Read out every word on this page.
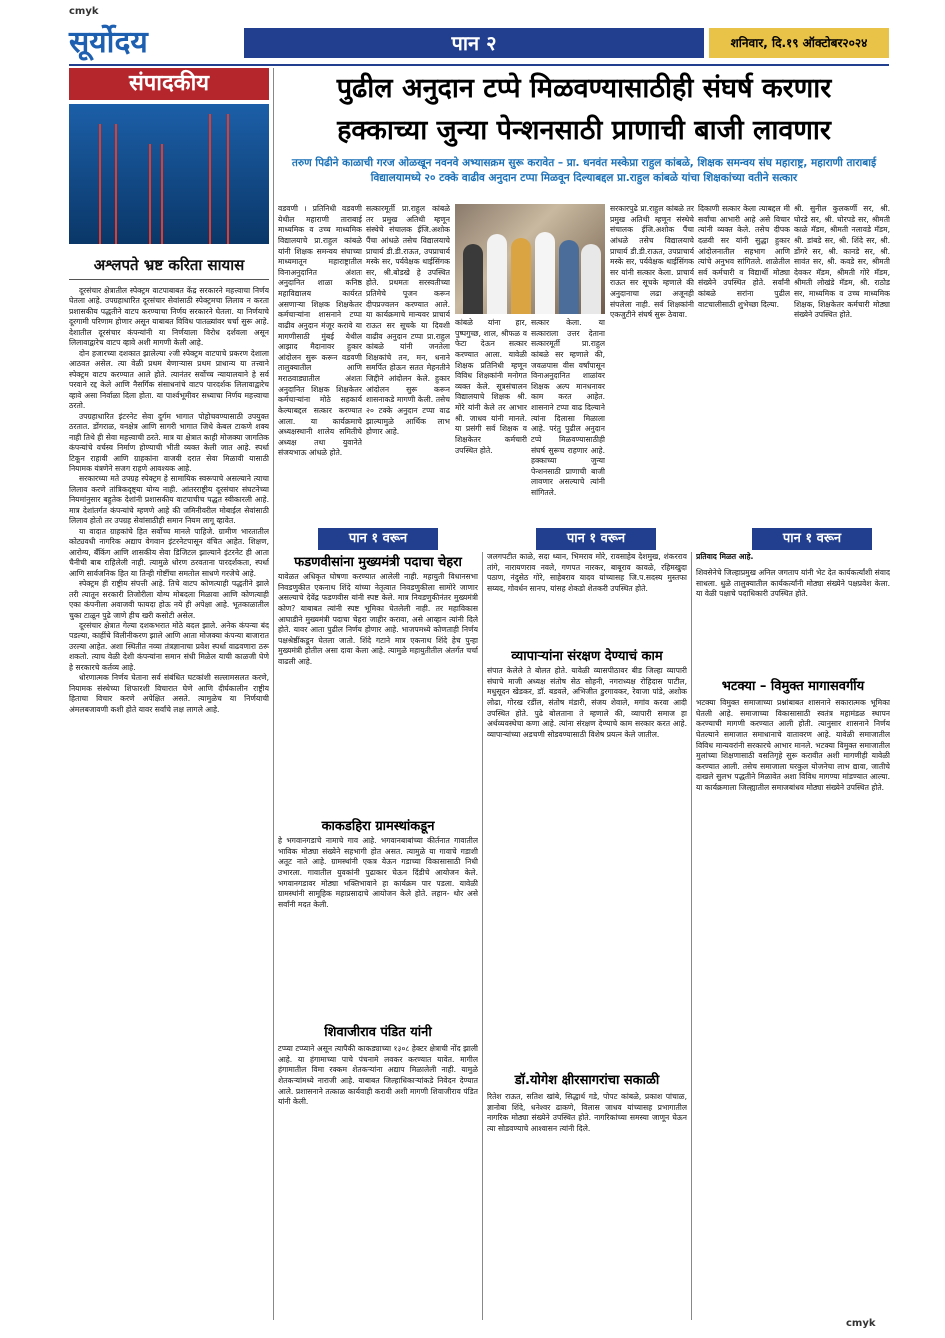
cmyk
cmyk
सूर्योदय	पान २	शनिवार, दि.१९ ऑक्टोबर२०२४
संपादकीय
अश्लपते भ्रष्ट करिता सायास

दूरसंचार क्षेत्रातील स्पेक्ट्रम वाटपाबाबत केंद्र सरकारने महत्त्वाचा निर्णय घेतला आहे. उपग्रहाधारित दूरसंचार सेवांसाठी स्पेक्ट्रमचा लिलाव न करता प्रशासकीय पद्धतीने वाटप करण्याचा निर्णय सरकारने घेतला. या निर्णयाचे दूरगामी परिणाम होणार असून याबाबत विविध पातळ्यांवर चर्चा सुरू आहे. देशातील दूरसंचार कंपन्यांनी या निर्णयाला विरोध दर्शवला असून लिलावाद्वारेच वाटप व्हावे अशी मागणी केली आहे.

दोन हजारच्या दशकात झालेल्या २जी स्पेक्ट्रम वाटपाचे प्रकरण देशाला आठवत असेल. त्या वेळी प्रथम येणाऱ्यास प्रथम प्राधान्य या तत्त्वाने स्पेक्ट्रम वाटप करण्यात आले होते. त्यानंतर सर्वोच्च न्यायालयाने हे सर्व परवाने रद्द केले आणि नैसर्गिक संसाधनांचे वाटप पारदर्शक लिलावाद्वारेच व्हावे असा निर्वाळा दिला होता. या पार्श्वभूमीवर सध्याचा निर्णय महत्त्वाचा ठरतो.

उपग्रहाधारित इंटरनेट सेवा दुर्गम भागात पोहोचवण्यासाठी उपयुक्त ठरतात. डोंगराळ, वनक्षेत्र आणि सागरी भागात जिथे केबल टाकणे शक्य नाही तिथे ही सेवा महत्त्वाची ठरते. मात्र या क्षेत्रात काही मोजक्या जागतिक कंपन्यांचे वर्चस्व निर्माण होण्याची भीती व्यक्त केली जात आहे. स्पर्धा टिकून राहावी आणि ग्राहकांना वाजवी दरात सेवा मिळावी यासाठी नियामक यंत्रणेने सजग राहणे आवश्यक आहे.

सरकारच्या मते उपग्रह स्पेक्ट्रम हे सामायिक स्वरूपाचे असल्याने त्याचा लिलाव करणे तांत्रिकदृष्ट्या योग्य नाही. आंतरराष्ट्रीय दूरसंचार संघटनेच्या नियमांनुसार बहुतेक देशांनी प्रशासकीय वाटपाचीच पद्धत स्वीकारली आहे. मात्र देशांतर्गत कंपन्यांचे म्हणणे आहे की जमिनीवरील मोबाईल सेवांसाठी लिलाव होतो तर उपग्रह सेवांसाठीही समान नियम लागू व्हावेत.

या वादात ग्राहकांचे हित सर्वोच्च मानले पाहिजे. ग्रामीण भारतातील कोट्यवधी नागरिक अद्याप वेगवान इंटरनेटपासून वंचित आहेत. शिक्षण, आरोग्य, बँकिंग आणि शासकीय सेवा डिजिटल झाल्याने इंटरनेट ही आता चैनीची बाब राहिलेली नाही. त्यामुळे धोरण ठरवताना पारदर्शकता, स्पर्धा आणि सार्वजनिक हित या तिन्ही गोष्टींचा समतोल साधणे गरजेचे आहे.

स्पेक्ट्रम ही राष्ट्रीय संपत्ती आहे. तिचे वाटप कोणत्याही पद्धतीने झाले तरी त्यातून सरकारी तिजोरीला योग्य मोबदला मिळावा आणि कोणत्याही एका कंपनीला अवाजवी फायदा होऊ नये ही अपेक्षा आहे. भूतकाळातील चुका टाळून पुढे जाणे हीच खरी कसोटी असेल.

दूरसंचार क्षेत्रात गेल्या दशकभरात मोठे बदल झाले. अनेक कंपन्या बंद पडल्या, काहींचे विलीनीकरण झाले आणि आता मोजक्या कंपन्या बाजारात उरल्या आहेत. अशा स्थितीत नव्या तंत्रज्ञानाचा प्रवेश स्पर्धा वाढवणारा ठरू शकतो. त्याच वेळी देशी कंपन्यांना समान संधी मिळेल याची काळजी घेणे हे सरकारचे कर्तव्य आहे.

धोरणात्मक निर्णय घेताना सर्व संबंधित घटकांशी सल्लामसलत करणे, नियामक संस्थेच्या शिफारशी विचारात घेणे आणि दीर्घकालीन राष्ट्रीय हिताचा विचार करणे अपेक्षित असते. त्यामुळेच या निर्णयाची अंमलबजावणी कशी होते यावर सर्वांचे लक्ष लागले आहे.

पुढील अनुदान टप्पे मिळवण्यासाठीही संघर्ष करणार
हक्काच्या जुन्या पेन्शनसाठी प्राणाची बाजी लावणार
तरुण पिढीने काळाची गरज ओळखून नवनवे अभ्यासक्रम सुरू करावेत – प्रा. धनवंत मस्केप्रा राहुल कांबळे, शिक्षक समन्वय संघ महाराष्ट्र, महाराणी ताराबाई विद्यालयामध्ये २० टक्के वाढीव अनुदान टप्पा मिळवून दिल्याबद्दल प्रा.राहुल कांबळे यांचा शिक्षकांच्या वतीने सत्कार
वडवणी । प्रतिनिधी वडवणी येथील महाराणी ताराबाई माध्यमिक व उच्च माध्यमिक विद्यालयाचे प्रा.राहुल कांबळे यांनी शिक्षक समन्वय संघाच्या माध्यमातून महाराष्ट्रातील विनाअनुदानित अंशतः अनुदानित शाळा कनिष्ठ महाविद्यालय कार्यरत असणाऱ्या शिक्षक शिक्षकेतर कर्मचाऱ्यांना शासनाने टप्पा वाढीव अनुदान मंजूर करावे या मागणीसाठी मुंबई येथील आझाद मैदानावर हुकार आंदोलन सुरू करून वडवणी तालुक्यातील आणि मराठवाड्यातील अंशतः अनुदानित शिक्षक शिक्षकेतर कर्मचाऱ्यांना मोठे सहकार्य केल्याबद्दल सत्कार करण्यात आला. या कार्यक्रमाचे अध्यक्षस्थानी शालेय समितीचे अध्यक्ष तथा युवानेते संजयभाऊ आंधळे होते.
सत्कारमूर्ती प्रा.राहुल कांबळे तर प्रमुख अतिथी म्हणून संस्थेचे संचालक ईजि.अशोक पैंचा आंधळे तसेच विद्यालयाचे प्राचार्य डी.डी.राऊत, उपप्राचार्य मस्के सर, पर्यवेक्षक थाईसिंगक सर, श्री.बोडखे हे उपस्थित होते. प्रथमतः सरस्वतीच्या प्रतिमेचे पूजन करून दीपप्रज्वलन करण्यात आले. या कार्यक्रमाचे मान्यवर प्राचार्य राऊत सर सूचके या दिवशी वाढीव अनुदान टप्पा प्रा.राहुल कांबळे यांनी जनतेला शिक्षकांचे तन, मन, धनाने समर्पित होऊन सतत मेहनतीने जिद्दीने आंदोलन केले. हुकार आंदोलन सुरू करून शासनाकडे मागणी केली. तसेच २० टक्के अनुदान टप्पा वाढ झाल्यामुळे आर्थिक लाभ होणार आहे.
कांबळे यांना हार, पुष्पगुच्छ, शाल, श्रीफळ व फेटा देऊन सत्कार करण्यात आला. यावेळी शिक्षक प्रतिनिधी म्हणून विविध शिक्षकांनी मनोगत व्यक्त केले. सूत्रसंचालन विद्यालयाचे शिक्षक श्री. मोरे यांनी केले तर आभार श्री. जाधव यांनी मानले. या प्रसंगी सर्व शिक्षक व शिक्षकेतर कर्मचारी उपस्थित होते.
सत्कार केला. या सत्काराला उत्तर देताना सत्कारमूर्ती प्रा.राहुल कांबळे सर म्हणाले की, जवळपास वीस वर्षांपासून विनाअनुदानित शाळांवर शिक्षक अल्प मानधनावर काम करत आहेत. शासनाने टप्पा वाढ दिल्याने त्यांना दिलासा मिळाला आहे. परंतु पुढील अनुदान टप्पे मिळवण्यासाठीही संघर्ष सुरूच राहणार आहे. हक्काच्या जुन्या पेन्शनसाठी प्राणाची बाजी लावणार असल्याचे त्यांनी सांगितले.
सरकारपुढे प्रा.राहुल कांबळे तर प्रमुख अतिथी म्हणून संस्थेचे संचालक ईजि.अशोक पैंचा आंधळे तसेच विद्यालयाचे प्राचार्य डी.डी.राऊत, उपप्राचार्य मस्के सर, पर्यवेक्षक थाईसिंगक सर यांनी सत्कार केला. प्राचार्य राऊत सर सूचके म्हणाले की अनुदानाचा लढा अजूनही संपलेला नाही. सर्व शिक्षकांनी एकजुटीने संघर्ष सुरू ठेवावा.
दिकाणी सत्कार केला त्याबद्दल मी सर्वांचा आभारी आहे असे विचार त्यांनी व्यक्त केले. तसेच दीपक दळवी सर यांनी सुद्धा हुकार आंदोलनातील सहभाग आणि त्यांचे अनुभव सांगितले. शाळेतील सर्व कर्मचारी व विद्यार्थी मोठ्या संख्येने उपस्थित होते. सर्वांनी कांबळे सरांना पुढील वाटचालीसाठी शुभेच्छा दिल्या.
श्री. सुनील कुलकर्णी सर, श्री. घोरडे सर, श्री. घोरपडे सर, श्रीमती काळे मॅडम, श्रीमती नलावडे मॅडम, श्री. डांबडे सर, श्री. शिंदे सर, श्री. डोंगरे सर, श्री. कानडे सर, श्री. सावंत सर, श्री. कवडे सर, श्रीमती देवकर मॅडम, श्रीमती गोरे मॅडम, श्रीमती लोखंडे मॅडम, श्री. राठोड सर, माध्यमिक व उच्च माध्यमिक शिक्षक, शिक्षकेतर कर्मचारी मोठ्या संख्येने उपस्थित होते.
पान १ वरून	पान १ वरून	पान १ वरून
फडणवीसांना मुख्यमंत्री पदाचा चेहरा
यावेळत अधिकृत घोषणा करण्यात आलेली नाही. महायुती विधानसभा निवडणुकीत एकनाथ शिंदे यांच्या नेतृत्वात निवडणुकीला सामोरे जाणार असल्याचे देवेंद्र फडणवीस यांनी स्पष्ट केले. मात्र निवडणुकीनंतर मुख्यमंत्री कोण? याबाबत त्यांनी स्पष्ट भूमिका घेतलेली नाही. तर महाविकास आघाडीने मुख्यमंत्री पदाचा चेहरा जाहीर करावा, असे आव्हान त्यांनी दिले होते. यावर आता पुढील निर्णय होणार आहे. भाजपमध्ये कोणताही निर्णय पक्षश्रेष्ठींकडून घेतला जातो. शिंदे गटाने मात्र एकनाथ शिंदे हेच पुन्हा मुख्यमंत्री होतील असा दावा केला आहे. त्यामुळे महायुतीतील अंतर्गत चर्चा वाढली आहे.
काकडहिरा ग्रामस्थांकडून
हे भगवानगडाचे नामाचे गाव आहे. भगवानबाबांच्या कीर्तनात गावातील भाविक मोठ्या संख्येने सहभागी होत असत. त्यामुळे या गावाचे गडाशी अतूट नाते आहे. ग्रामस्थांनी एकत्र येऊन गडाच्या विकासासाठी निधी उभारला. गावातील युवकांनी पुढाकार घेऊन दिंडीचे आयोजन केले. भगवानगडावर मोठ्या भक्तिभावाने हा कार्यक्रम पार पडला. यावेळी ग्रामस्थांनी सामूहिक महाप्रसादाचे आयोजन केले होते. लहान- थोर असे सर्वांनी मदत केली.
शिवाजीराव पंडित यांनी
टप्प्या टप्प्याने असून त्यापैकी काकड्याच्या १३०८ हेक्टर क्षेत्राची नोंद झाली आहे. या हंगामाच्या पाचे पंचनामे लवकर करण्यात यावेत. मागील हंगामातील विमा रक्कम शेतकऱ्यांना अद्याप मिळालेली नाही. यामुळे शेतकऱ्यांमध्ये नाराजी आहे. याबाबत जिल्हाधिकाऱ्यांकडे निवेदन देण्यात आले. प्रशासनाने तत्काळ कार्यवाही करावी अशी मागणी शिवाजीराव पंडित यांनी केली.
जलगपटीत काळे, सदा थ्यान, भिमराव मोरे, रावसाहेब देशमुख, शंकरराव तांगे, नारायणराव नवले, गणपत नारकर, बाबूराव कावळे, रहिमखुदा पठाण, नंदुसेठ गोरे, साहेबराव यादव यांच्यासह जि.प.सदस्य मुस्तफा सय्यद, गोवर्धन सानप, यांसह शेकडो शेतकरी उपस्थित होते.
व्यापाऱ्यांना संरक्षण देण्याचं काम
संपात केलेले ते बोलत होते. यावेळी व्यासपीठावर बीड जिल्हा व्यापारी संघाचे माजी अध्यक्ष संतोष सेठ सोहनी, नगराध्यक्ष रोहिदास पाटील, मधुसूदन खेडकर, डॉ. बडवले, अभिजीत डुरगावकर, रेवाजा पांडे, अशोक लोढा, गोरख रडींल, संतोष मंडारी, संजय शेवाले, मगांव करवा आदी उपस्थित होते. पुढे बोलताना ते म्हणाले की, व्यापारी समाज हा अर्थव्यवस्थेचा कणा आहे. त्यांना संरक्षण देण्याचे काम सरकार करत आहे. व्यापाऱ्यांच्या अडचणी सोडवण्यासाठी विशेष प्रयत्न केले जातील.
डॉ.योगेश क्षीरसागरांचा सकाळी
रितेश राऊत, सतिश खांबे, सिद्धार्थ गडे, पोपट कांबळे, प्रकाश पांचाळ, ज्ञानोबा शिंदे, धनेश्वर ढाकणे, विलास जाधव यांच्यासह प्रभागातील नागरिक मोठ्या संख्येने उपस्थित होते. नागरिकांच्या समस्या जाणून घेऊन त्या सोडवण्याचे आश्वासन त्यांनी दिले.
प्रतिवाद मिळत आहे.
शिवसेनेचे जिल्हाप्रमुख अनिल जगताप यांनी भेट देत कार्यकर्त्यांशी संवाद साधला. धुळे तालुक्यातील कार्यकर्त्यांनी मोठ्या संख्येने पक्षप्रवेश केला. या वेळी पक्षाचे पदाधिकारी उपस्थित होते.
भटक्या – विमुक्त मागासवर्गीय
भटक्या विमुक्त समाजाच्या प्रश्नांबाबत शासनाने सकारात्मक भूमिका घेतली आहे. समाजाच्या विकासासाठी स्वतंत्र महामंडळ स्थापन करण्याची मागणी करण्यात आली होती. त्यानुसार शासनाने निर्णय घेतल्याने समाजात समाधानाचे वातावरण आहे. यावेळी समाजातील विविध मान्यवरांनी सरकारचे आभार मानले. भटक्या विमुक्त समाजातील मुलांच्या शिक्षणासाठी वसतिगृहे सुरू करावीत अशी मागणीही यावेळी करण्यात आली. तसेच समाजाला घरकुल योजनेचा लाभ द्यावा, जातीचे दाखले सुलभ पद्धतीने मिळावेत अशा विविध मागण्या मांडण्यात आल्या. या कार्यक्रमाला जिल्ह्यातील समाजबांधव मोठ्या संख्येने उपस्थित होते.
